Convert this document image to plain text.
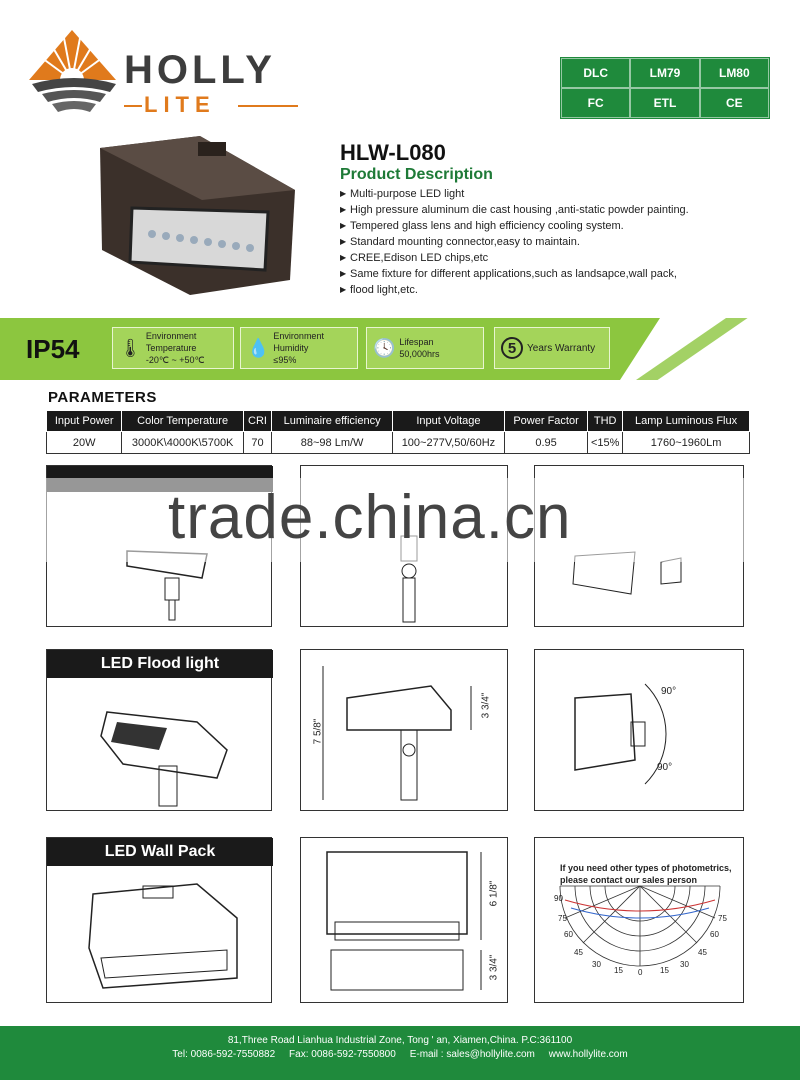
HOLLY
LITE
DLC	LM79	LM80
FC	ETL	CE
HLW-L080
Product Description
▶ Multi-purpose LED light
▶ High pressure aluminum die cast housing ,anti-static powder painting.
▶ Tempered glass lens and high efficiency cooling system.
▶ Standard mounting connector,easy to maintain.
▶ CREE,Edison LED chips,etc
▶ Same fixture for different applications,such as landsapce,wall pack,
▶ flood light,etc.
IP54 🌡
Environment Temperature
-20℃ ~ +50℃
💧
Environment Humidity
≤95%
🕓 Lifespan
50,000hrs	5	Years Warranty
PARAMETERS
Input Power	Color Temperature	CRI	Luminaire efficiency	Input Voltage	Power Factor	THD	Lamp Luminous Flux
20W	3000K\4000K\5700K	70	88~98 Lm/W	100~277V,50/60Hz	0.95	<15%	1760~1960Lm
trade.china.cn
LED Flood light
7 5/8"
3 3/4"
90°
90°
LED Wall Pack
6 1/8"
3 3/4"
If you need other types of photometrics,
please contact our sales person
90
75
60
45
30
15 0 15
30
45
60
75
81,Three Road Lianhua Industrial Zone, Tong ' an, Xiamen,China. P.C:361100
Tel: 0086-592-7550882     Fax: 0086-592-7550800     E-mail : sales@hollylite.com     www.hollylite.com
